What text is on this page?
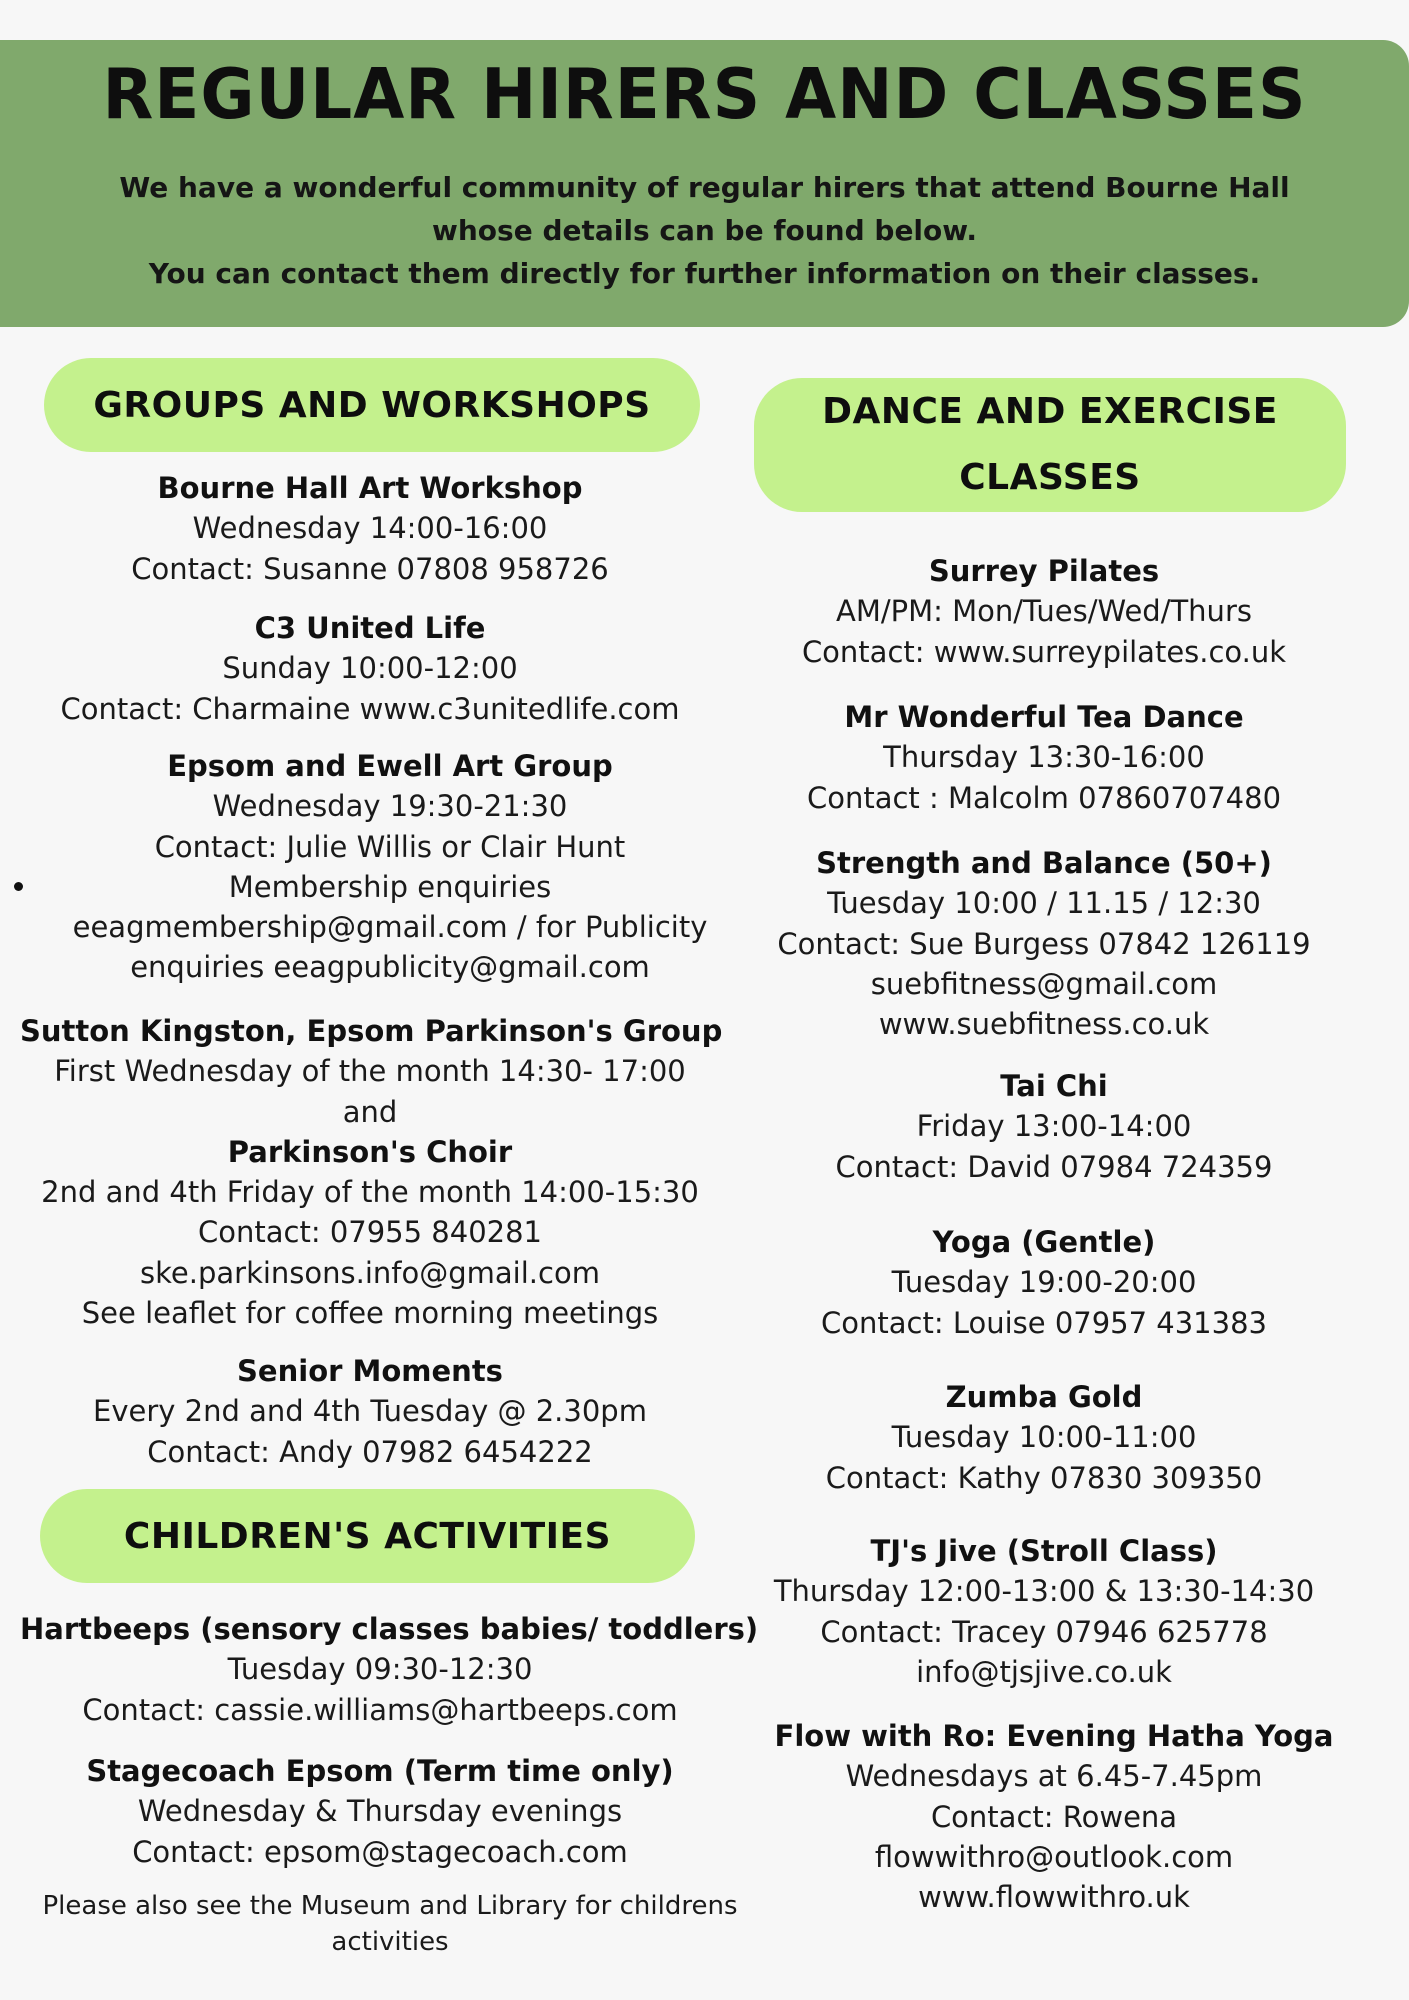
REGULAR HIRERS AND CLASSES
We have a wonderful community of regular hirers that attend Bourne Hall
whose details can be found below.
You can contact them directly for further information on their classes.
GROUPS AND WORKSHOPS
Bourne Hall Art Workshop
Wednesday 14:00-16:00
Contact: Susanne 07808 958726
C3 United Life
Sunday 10:00-12:00
Contact: Charmaine www.c3unitedlife.com
Epsom and Ewell Art Group
Wednesday 19:30-21:30
Contact: Julie Willis or Clair Hunt
Membership enquiries
eeagmembership@gmail.com / for Publicity
enquiries eeagpublicity@gmail.com
Sutton Kingston, Epsom Parkinson's Group
First Wednesday of the month 14:30- 17:00
and
Parkinson's Choir
2nd and 4th Friday of the month 14:00-15:30
Contact: 07955 840281
ske.parkinsons.info@gmail.com
See leaflet for coffee morning meetings
Senior Moments
Every 2nd and 4th Tuesday @ 2.30pm
Contact: Andy 07982 6454222
CHILDREN'S ACTIVITIES
Hartbeeps (sensory classes babies/ toddlers)
Tuesday 09:30-12:30
Contact: cassie.williams@hartbeeps.com
Stagecoach Epsom (Term time only)
Wednesday & Thursday evenings
Contact: epsom@stagecoach.com
Please also see the Museum and Library for childrens
activities
DANCE AND EXERCISE
CLASSES
Surrey Pilates
AM/PM: Mon/Tues/Wed/Thurs
Contact: www.surreypilates.co.uk
Mr Wonderful Tea Dance
Thursday 13:30-16:00
Contact : Malcolm 07860707480
Strength and Balance (50+)
Tuesday 10:00 / 11.15 / 12:30
Contact: Sue Burgess 07842 126119
suebfitness@gmail.com
www.suebfitness.co.uk
Tai Chi
Friday 13:00-14:00
Contact: David 07984 724359
Yoga (Gentle)
Tuesday 19:00-20:00
Contact: Louise 07957 431383
Zumba Gold
Tuesday 10:00-11:00
Contact: Kathy 07830 309350
TJ's Jive (Stroll Class)
Thursday 12:00-13:00 & 13:30-14:30
Contact: Tracey 07946 625778
info@tjsjive.co.uk
Flow with Ro: Evening Hatha Yoga
Wednesdays at 6.45-7.45pm
Contact: Rowena
flowwithro@outlook.com
www.flowwithro.uk
